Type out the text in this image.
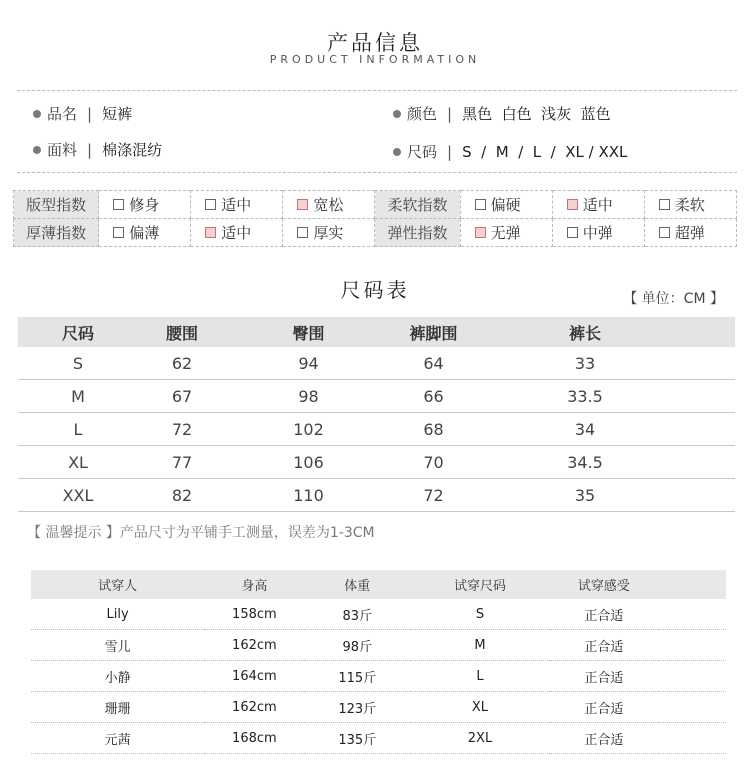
产品信息
PRODUCT INFORMATION
品名 | 短裤	颜色 | 黑色  白色  浅灰  蓝色
面料 | 棉涤混纺	尺码 | S  /  M  /  L  /  XL / XXL
版型指数	修身	适中	宽松	柔软指数	偏硬	适中	柔软
厚薄指数	偏薄	适中	厚实	弹性指数	无弹	中弹	超弹
尺码表	【 单位：CM 】
尺码	腰围	臀围	裤脚围	裤长	
S	62	94	64	33	
M	67	98	66	33.5	
L	72	102	68	34	
XL	77	106	70	34.5	
XXL	82	110	72	35	
【 温馨提示 】产品尺寸为平铺手工测量，误差为1-3CM
试穿人	身高	体重	试穿尺码	试穿感受	
Lily	158cm	83斤	S	正合适	
雪儿	162cm	98斤	M	正合适	
小静	164cm	115斤	L	正合适	
珊珊	162cm	123斤	XL	正合适	
元茜	168cm	135斤	2XL	正合适	
